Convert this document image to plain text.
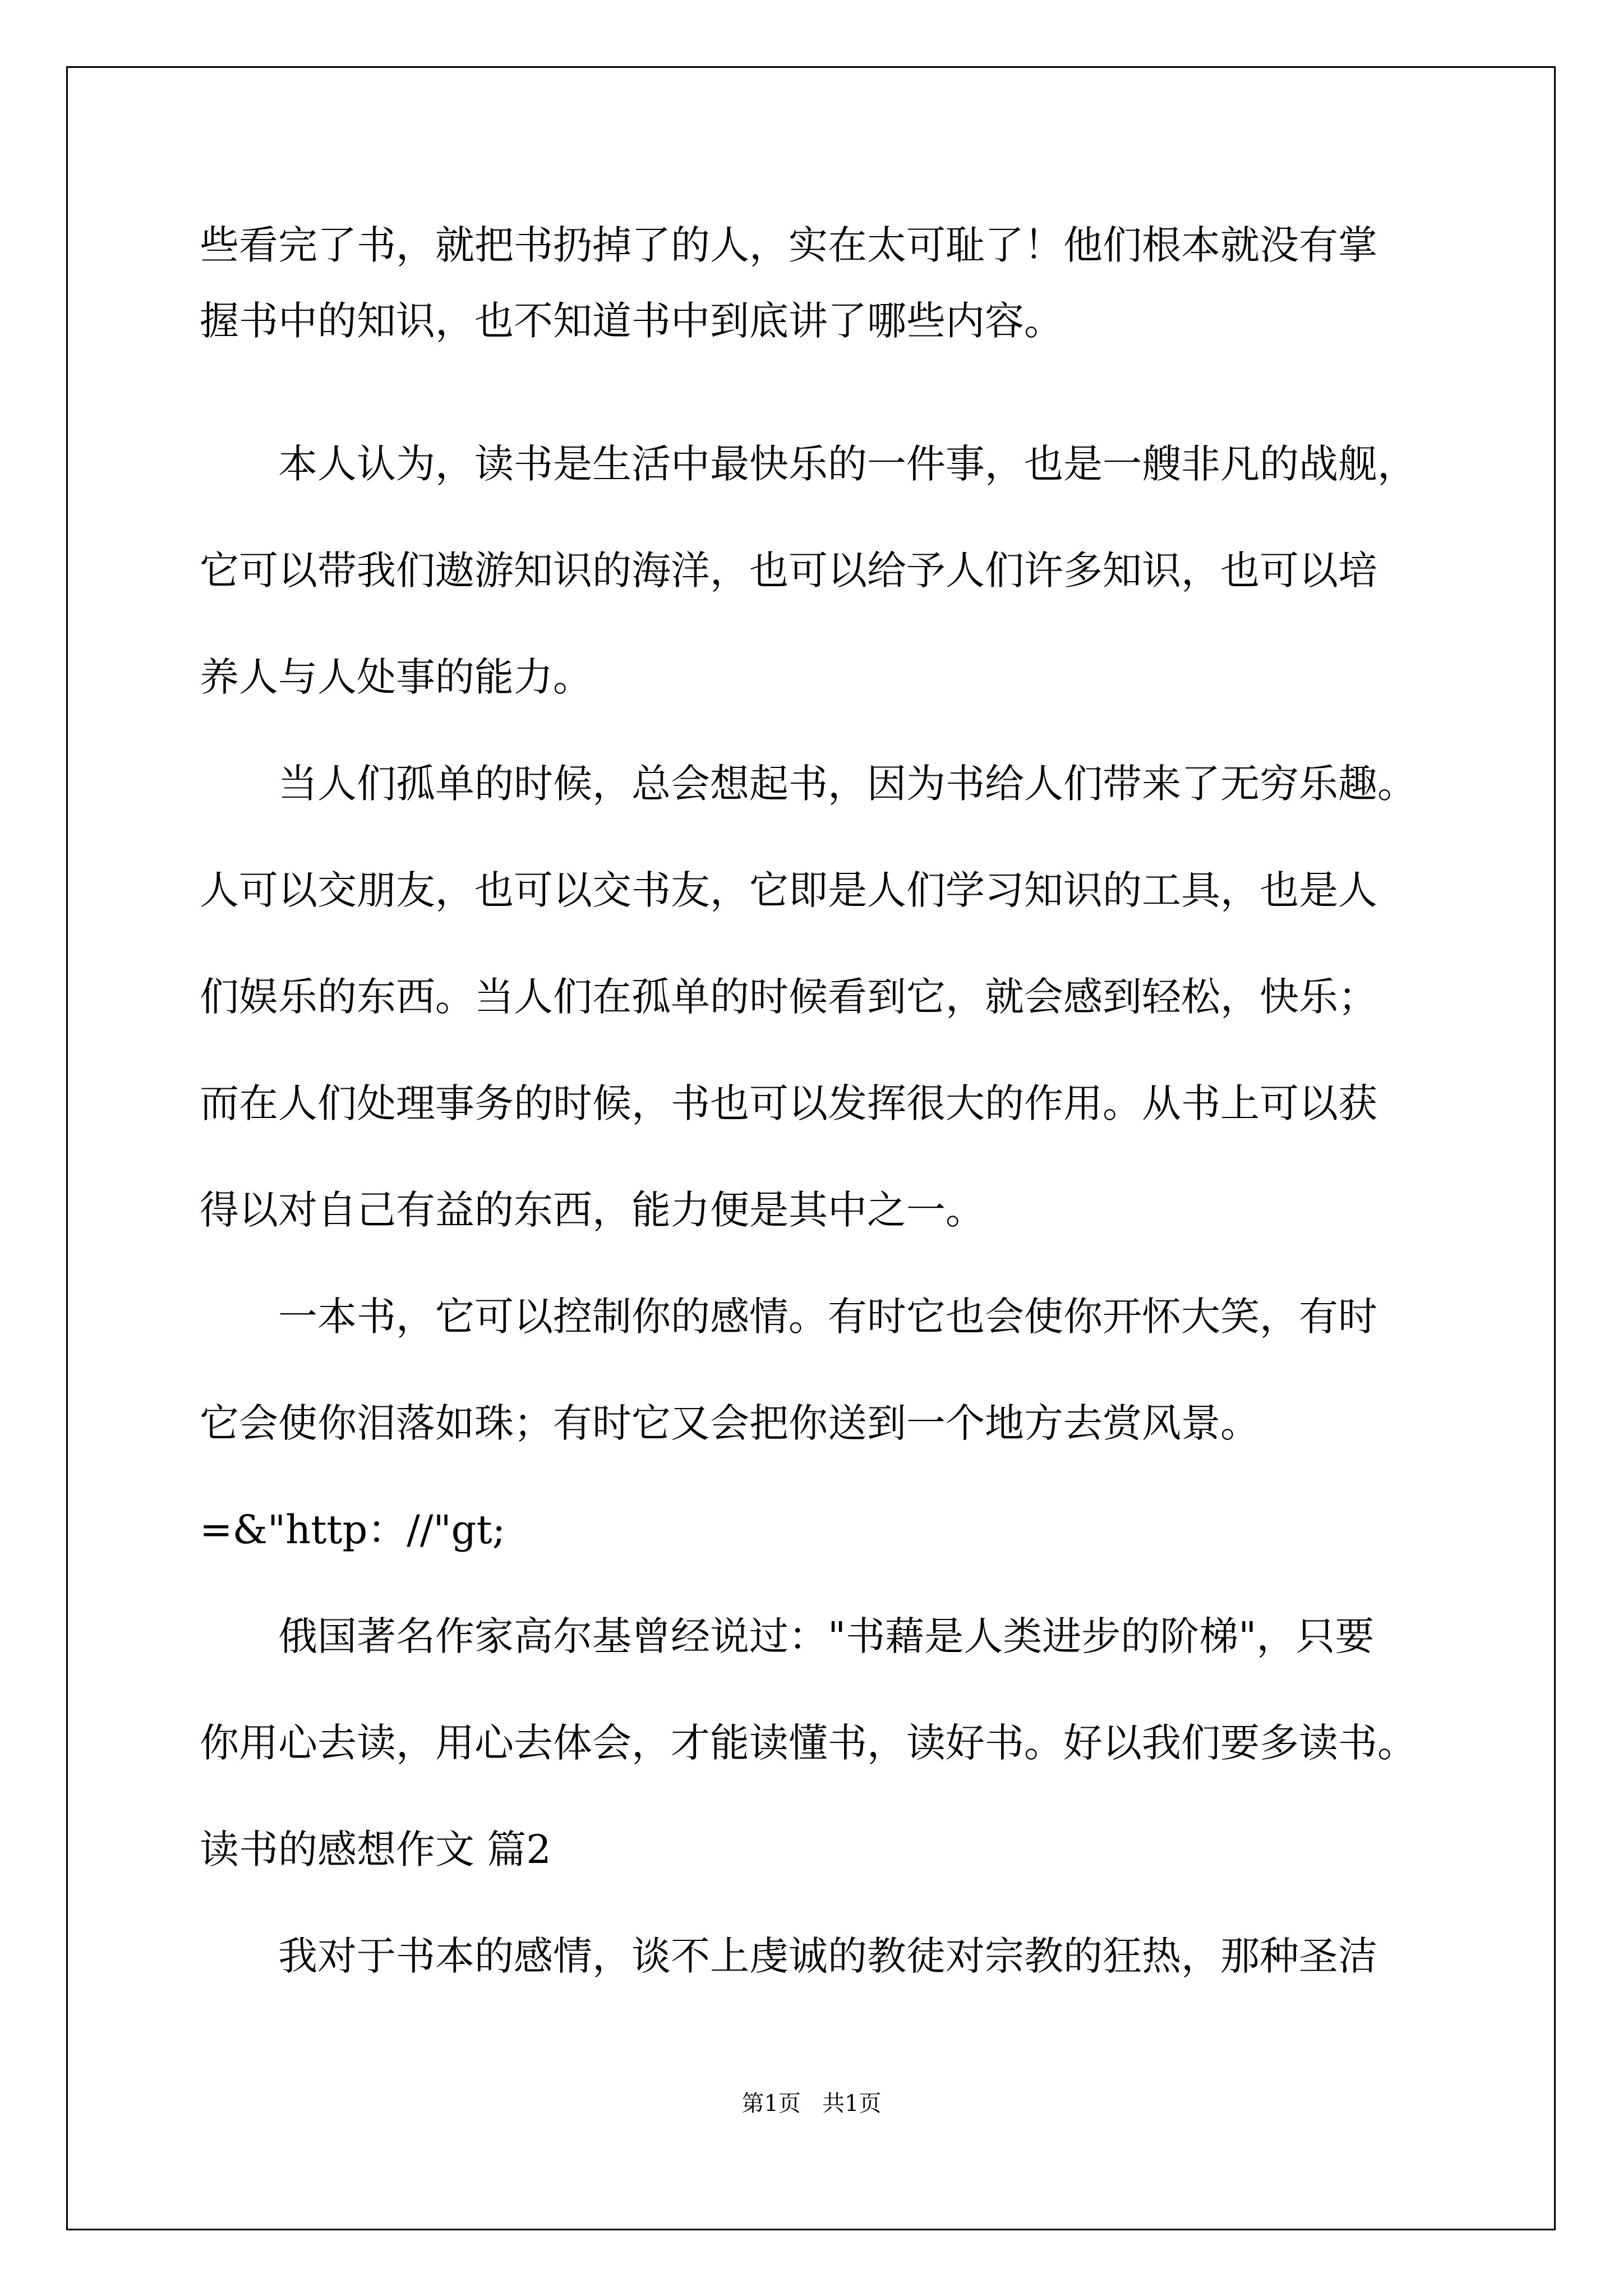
些看完了书，就把书扔掉了的人，实在太可耻了！他们根本就没有掌

握书中的知识，也不知道书中到底讲了哪些内容。

　　本人认为，读书是生活中最快乐的一件事，也是一艘非凡的战舰，

它可以带我们遨游知识的海洋，也可以给予人们许多知识，也可以培

养人与人处事的能力。

　　当人们孤单的时候，总会想起书，因为书给人们带来了无穷乐趣。

人可以交朋友，也可以交书友，它即是人们学习知识的工具，也是人

们娱乐的东西。当人们在孤单的时候看到它，就会感到轻松，快乐；

而在人们处理事务的时候，书也可以发挥很大的作用。从书上可以获

得以对自己有益的东西，能力便是其中之一。

　　一本书，它可以控制你的感情。有时它也会使你开怀大笑，有时

它会使你泪落如珠；有时它又会把你送到一个地方去赏风景。

=&"http：//"gt;

　　俄国著名作家高尔基曾经说过："书藉是人类进步的阶梯"，只要

你用心去读，用心去体会，才能读懂书，读好书。好以我们要多读书。

读书的感想作文 篇2

　　我对于书本的感情，谈不上虔诚的教徒对宗教的狂热，那种圣洁

第1页 共1页
